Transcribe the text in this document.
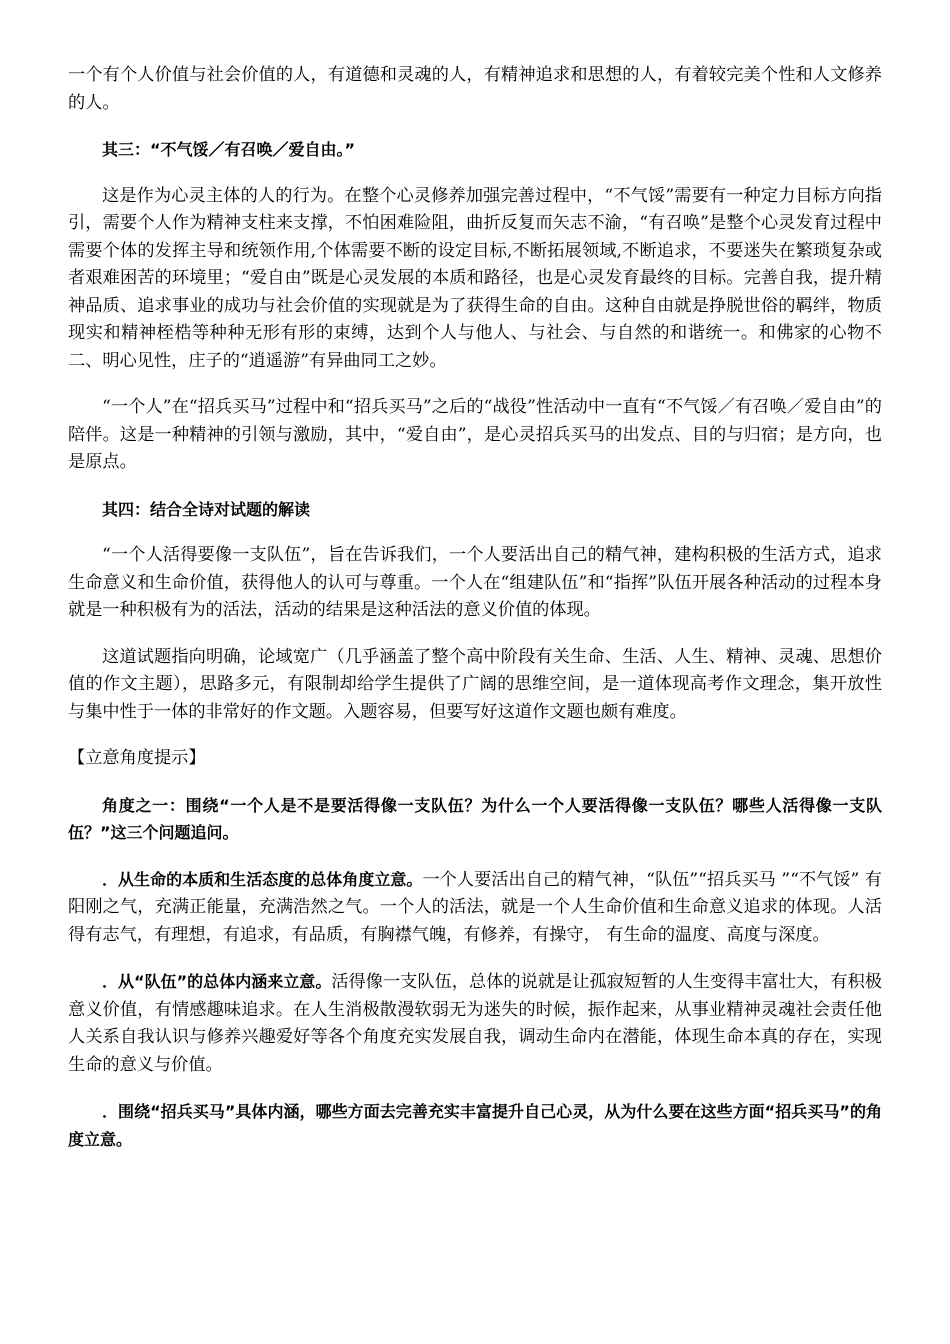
一个有个人价值与社会价值的人，有道德和灵魂的人，有精神追求和思想的人，有着较完美个性和人文修养的人。

其三：“不气馁／有召唤／爱自由。”

这是作为心灵主体的人的行为。在整个心灵修养加强完善过程中，“不气馁”需要有一种定力目标方向指引，需要个人作为精神支柱来支撑，不怕困难险阻，曲折反复而矢志不渝，“有召唤”是整个心灵发育过程中需要个体的发挥主导和统领作用,个体需要不断的设定目标,不断拓展领域,不断追求，不要迷失在繁琐复杂或者艰难困苦的环境里；“爱自由”既是心灵发展的本质和路径，也是心灵发育最终的目标。完善自我，提升精神品质、追求事业的成功与社会价值的实现就是为了获得生命的自由。这种自由就是挣脱世俗的羁绊，物质现实和精神桎梏等种种无形有形的束缚，达到个人与他人、与社会、与自然的和谐统一。和佛家的心物不二、明心见性，庄子的“逍遥游”有异曲同工之妙。

“一个人”在“招兵买马”过程中和“招兵买马”之后的“战役”性活动中一直有“不气馁／有召唤／爱自由”的陪伴。这是一种精神的引领与激励，其中，“爱自由”，是心灵招兵买马的出发点、目的与归宿；是方向，也是原点。

其四：结合全诗对试题的解读

“一个人活得要像一支队伍”，旨在告诉我们，一个人要活出自己的精气神，建构积极的生活方式，追求生命意义和生命价值，获得他人的认可与尊重。一个人在“组建队伍”和“指挥”队伍开展各种活动的过程本身就是一种积极有为的活法，活动的结果是这种活法的意义价值的体现。

这道试题指向明确，论域宽广（几乎涵盖了整个高中阶段有关生命、生活、人生、精神、灵魂、思想价值的作文主题），思路多元，有限制却给学生提供了广阔的思维空间，是一道体现高考作文理念，集开放性与集中性于一体的非常好的作文题。入题容易，但要写好这道作文题也颇有难度。

【立意角度提示】

角度之一：围绕“一个人是不是要活得像一支队伍？为什么一个人要活得像一支队伍？哪些人活得像一支队伍？”这三个问题追问。

．从生命的本质和生活态度的总体角度立意。一个人要活出自己的精气神，“队伍”“招兵买马 ”“不气馁” 有阳刚之气，充满正能量，充满浩然之气。一个人的活法，就是一个人生命价值和生命意义追求的体现。人活得有志气，有理想，有追求，有品质，有胸襟气魄，有修养，有操守， 有生命的温度、高度与深度。

．从“队伍”的总体内涵来立意。活得像一支队伍，总体的说就是让孤寂短暂的人生变得丰富壮大，有积极意义价值，有情感趣味追求。在人生消极散漫软弱无为迷失的时候，振作起来，从事业精神灵魂社会责任他人关系自我认识与修养兴趣爱好等各个角度充实发展自我，调动生命内在潜能，体现生命本真的存在，实现生命的意义与价值。

．围绕“招兵买马”具体内涵，哪些方面去完善充实丰富提升自己心灵，从为什么要在这些方面“招兵买马”的角度立意。
